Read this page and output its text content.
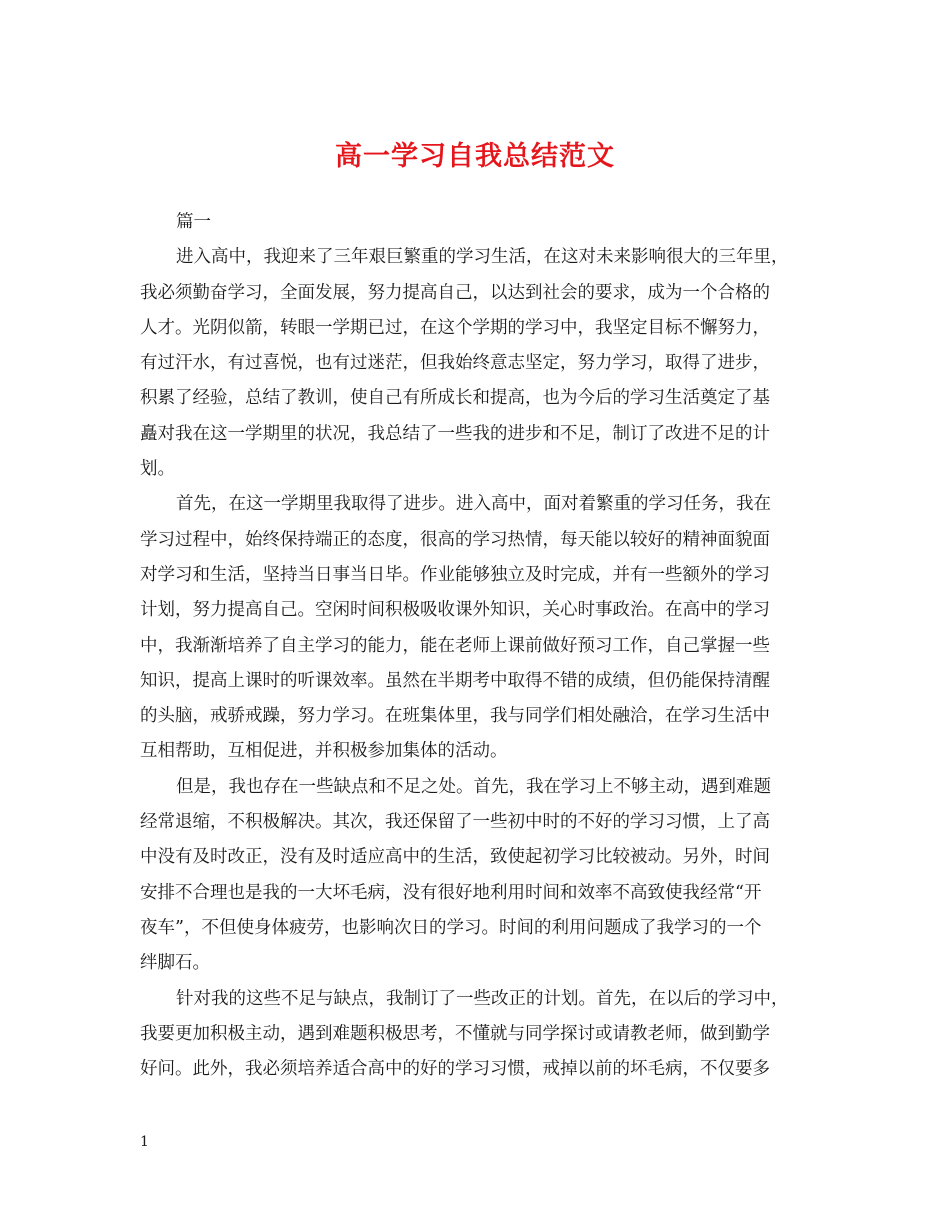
高一学习自我总结范文
篇一
进入高中，我迎来了三年艰巨繁重的学习生活，在这对未来影响很大的三年里，
我必须勤奋学习，全面发展，努力提高自己，以达到社会的要求，成为一个合格的
人才。光阴似箭，转眼一学期已过，在这个学期的学习中，我坚定目标不懈努力，
有过汗水，有过喜悦，也有过迷茫，但我始终意志坚定，努力学习，取得了进步，
积累了经验，总结了教训，使自己有所成长和提高，也为今后的学习生活奠定了基
矗对我在这一学期里的状况，我总结了一些我的进步和不足，制订了改进不足的计
划。
首先，在这一学期里我取得了进步。进入高中，面对着繁重的学习任务，我在
学习过程中，始终保持端正的态度，很高的学习热情，每天能以较好的精神面貌面
对学习和生活，坚持当日事当日毕。作业能够独立及时完成，并有一些额外的学习
计划，努力提高自己。空闲时间积极吸收课外知识，关心时事政治。在高中的学习
中，我渐渐培养了自主学习的能力，能在老师上课前做好预习工作，自己掌握一些
知识，提高上课时的听课效率。虽然在半期考中取得不错的成绩，但仍能保持清醒
的头脑，戒骄戒躁，努力学习。在班集体里，我与同学们相处融洽，在学习生活中
互相帮助，互相促进，并积极参加集体的活动。
但是，我也存在一些缺点和不足之处。首先，我在学习上不够主动，遇到难题
经常退缩，不积极解决。其次，我还保留了一些初中时的不好的学习习惯，上了高
中没有及时改正，没有及时适应高中的生活，致使起初学习比较被动。另外，时间
安排不合理也是我的一大坏毛病，没有很好地利用时间和效率不高致使我经常“开
夜车”，不但使身体疲劳，也影响次日的学习。时间的利用问题成了我学习的一个
绊脚石。
针对我的这些不足与缺点，我制订了一些改正的计划。首先，在以后的学习中，
我要更加积极主动，遇到难题积极思考，不懂就与同学探讨或请教老师，做到勤学
好问。此外，我必须培养适合高中的好的学习习惯，戒掉以前的坏毛病，不仅要多
1
